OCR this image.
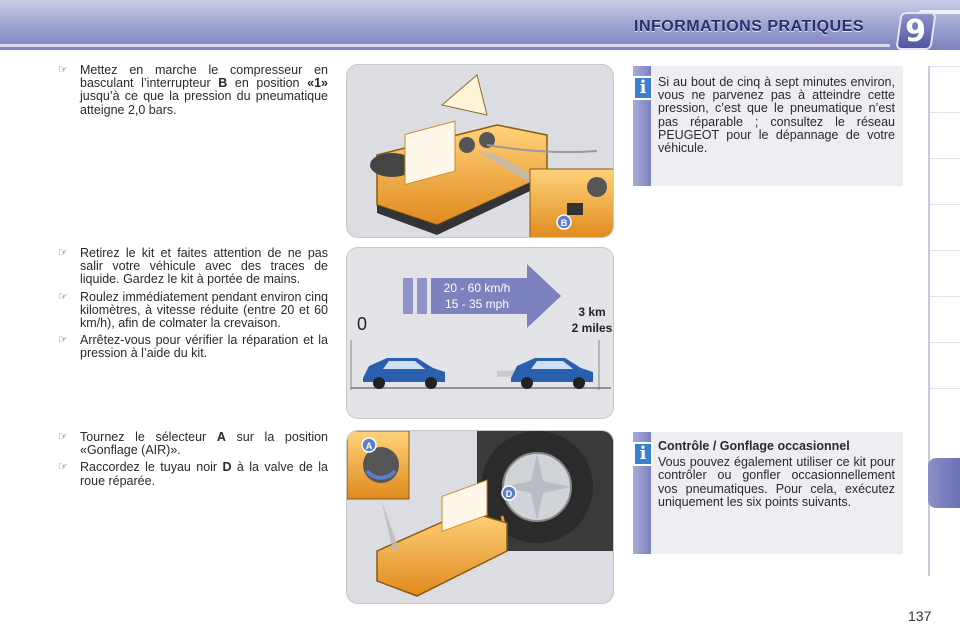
INFORMATIONS PRATIQUES 9
☞ Mettez en marche le compresseur en basculant l’interrupteur B en position «1» jusqu’à ce que la pression du pneumatique atteigne 2,0 bars.
☞ Retirez le kit et faites attention de ne pas salir votre véhicule avec des traces de liquide. Gardez le kit à portée de mains.
☞ Roulez immédiatement pendant environ cinq kilomètres, à vitesse réduite (entre 20 et 60 km/h), afin de colmater la crevaison.
☞ Arrêtez-vous pour vérifier la réparation et la pression à l’aide du kit.
☞ Tournez le sélecteur A sur la position «Gonflage (AIR)».
☞ Raccordez le tuyau noir D à la valve de la roue réparée.
B
20 - 60 km/h
15 - 35 mph
0
3 km
2 miles
A
D
i Si au bout de cinq à sept minutes environ, vous ne parvenez pas à atteindre cette pression, c’est que le pneumatique n’est pas réparable ; consultez le réseau PEUGEOT pour le dépannage de votre véhicule.
i Contrôle / Gonflage occasionnel
Vous pouvez également utiliser ce kit pour contrôler ou gonfler occasionnellement vos pneumatiques. Pour cela, exécutez uniquement les six points suivants.
137
